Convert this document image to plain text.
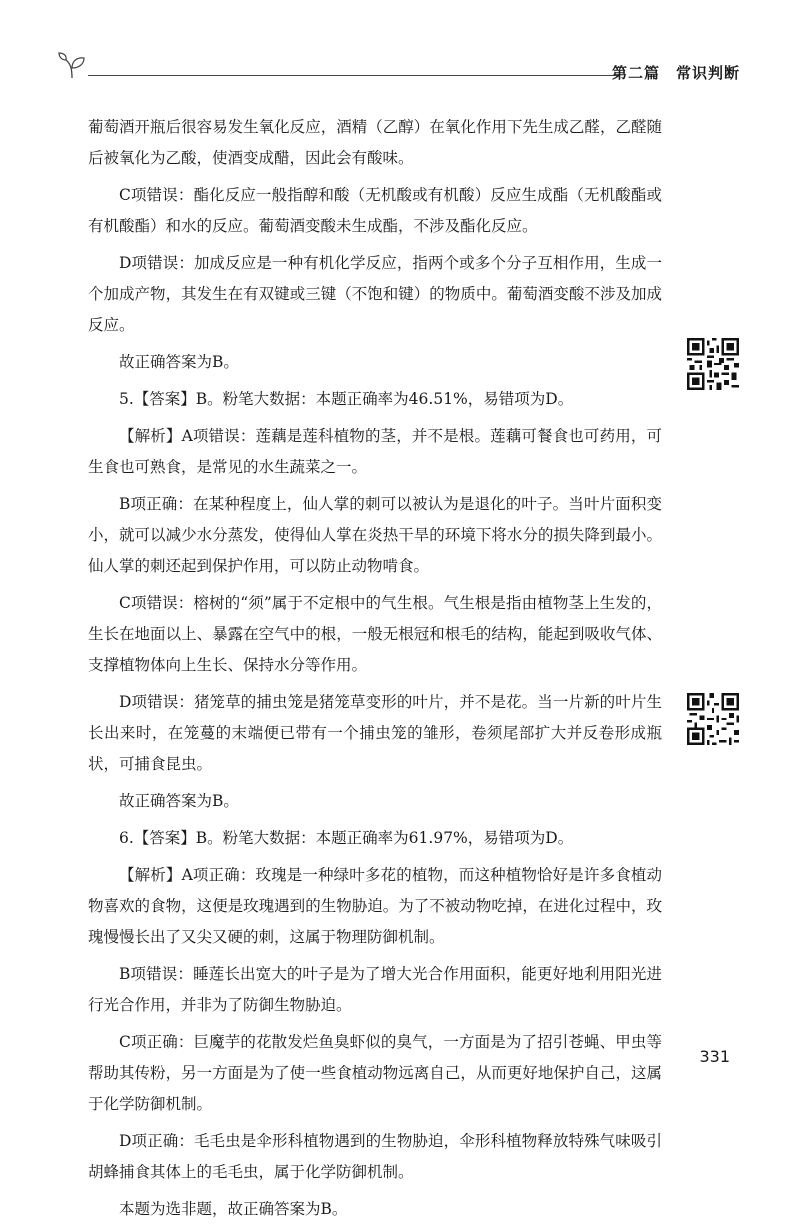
第二篇　常识判断

葡萄酒开瓶后很容易发生氧化反应，酒精（乙醇）在氧化作用下先生成乙醛，乙醛随后被氧化为乙酸，使酒变成醋，因此会有酸味。

C项错误：酯化反应一般指醇和酸（无机酸或有机酸）反应生成酯（无机酸酯或有机酸酯）和水的反应。葡萄酒变酸未生成酯，不涉及酯化反应。

D项错误：加成反应是一种有机化学反应，指两个或多个分子互相作用，生成一个加成产物，其发生在有双键或三键（不饱和键）的物质中。葡萄酒变酸不涉及加成反应。

故正确答案为B。

5.【答案】B。粉笔大数据：本题正确率为46.51%，易错项为D。

【解析】A项错误：莲藕是莲科植物的茎，并不是根。莲藕可餐食也可药用，可生食也可熟食，是常见的水生蔬菜之一。

B项正确：在某种程度上，仙人掌的刺可以被认为是退化的叶子。当叶片面积变小，就可以减少水分蒸发，使得仙人掌在炎热干旱的环境下将水分的损失降到最小。仙人掌的刺还起到保护作用，可以防止动物啃食。

C项错误：榕树的“须”属于不定根中的气生根。气生根是指由植物茎上生发的，生长在地面以上、暴露在空气中的根，一般无根冠和根毛的结构，能起到吸收气体、支撑植物体向上生长、保持水分等作用。

D项错误：猪笼草的捕虫笼是猪笼草变形的叶片，并不是花。当一片新的叶片生长出来时，在笼蔓的末端便已带有一个捕虫笼的雏形，卷须尾部扩大并反卷形成瓶状，可捕食昆虫。

故正确答案为B。

6.【答案】B。粉笔大数据：本题正确率为61.97%，易错项为D。

【解析】A项正确：玫瑰是一种绿叶多花的植物，而这种植物恰好是许多食植动物喜欢的食物，这便是玫瑰遇到的生物胁迫。为了不被动物吃掉，在进化过程中，玫瑰慢慢长出了又尖又硬的刺，这属于物理防御机制。

B项错误：睡莲长出宽大的叶子是为了增大光合作用面积，能更好地利用阳光进行光合作用，并非为了防御生物胁迫。

C项正确：巨魔芋的花散发烂鱼臭虾似的臭气，一方面是为了招引苍蝇、甲虫等帮助其传粉，另一方面是为了使一些食植动物远离自己，从而更好地保护自己，这属于化学防御机制。

D项正确：毛毛虫是伞形科植物遇到的生物胁迫，伞形科植物释放特殊气味吸引胡蜂捕食其体上的毛毛虫，属于化学防御机制。

本题为选非题，故正确答案为B。

331
